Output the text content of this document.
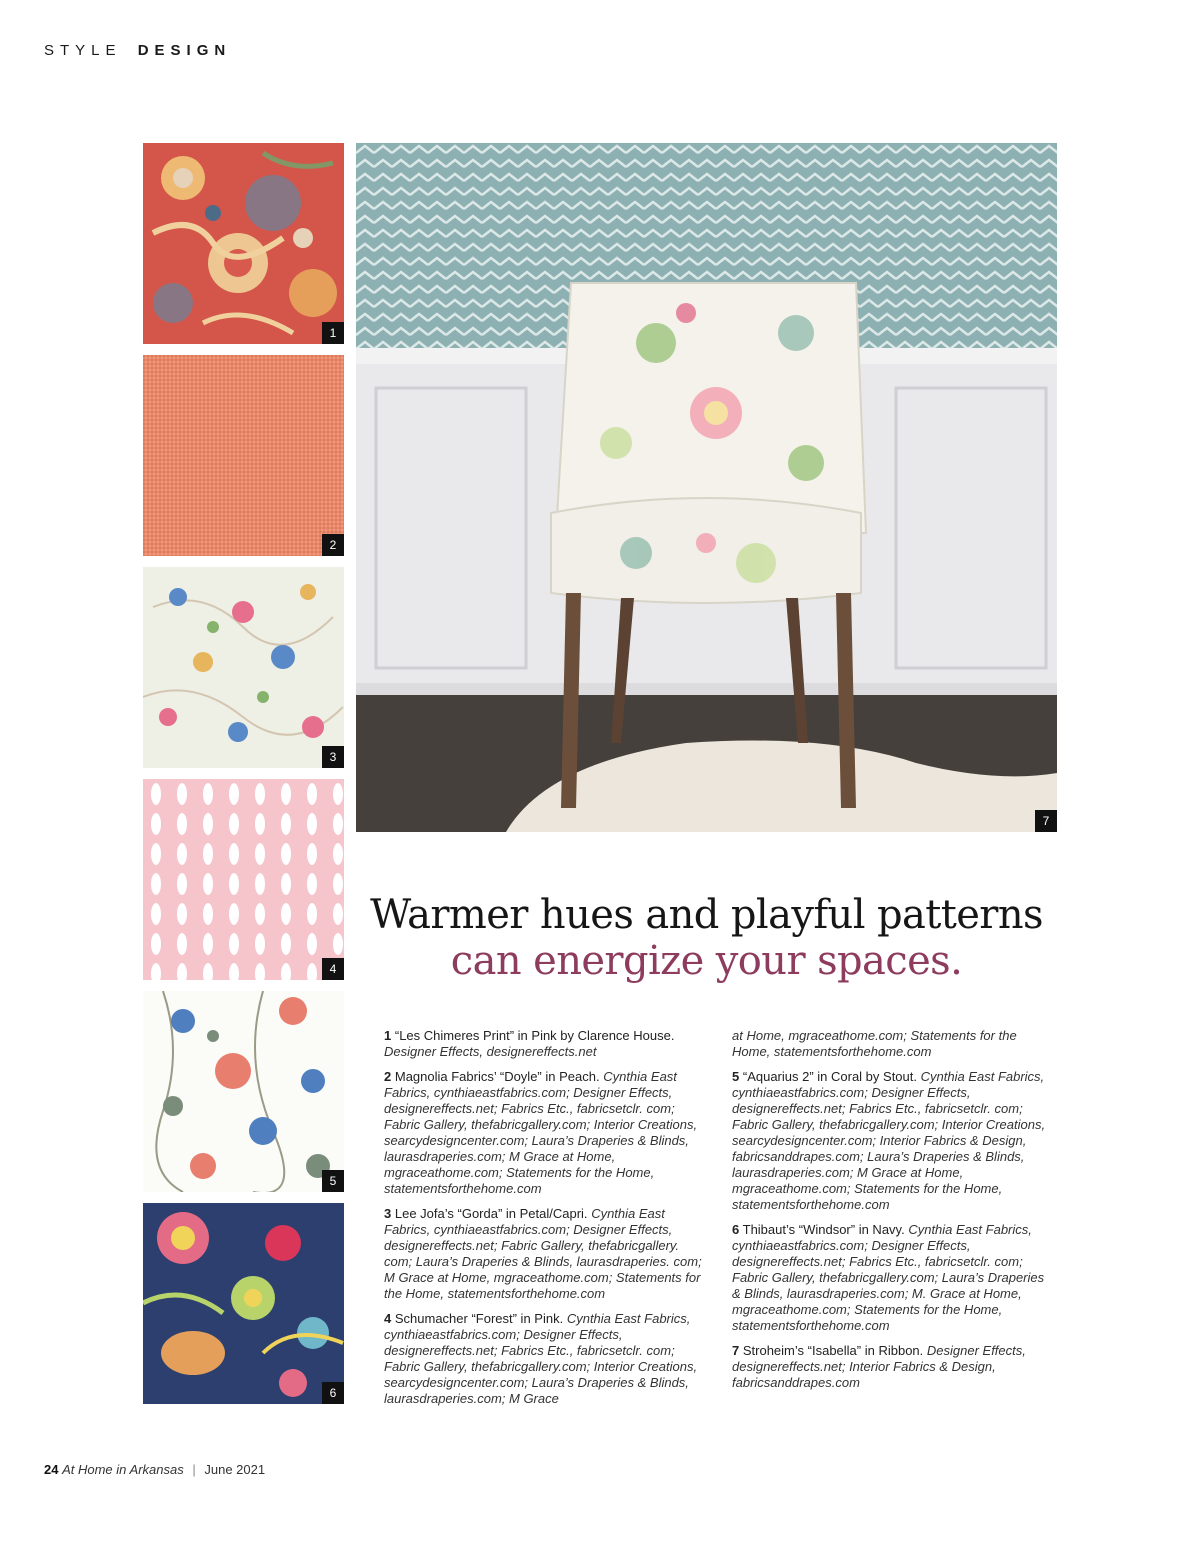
STYLE DESIGN
1
2
3
4
5
6
7
Warmer hues and playful patterns
can energize your spaces.

1 “Les Chimeres Print” in Pink by Clarence House. Designer Effects, designereffects.net

2 Magnolia Fabrics’ “Doyle” in Peach. Cynthia East Fabrics, cynthiaeastfabrics.com; Designer Effects, designereffects.net; Fabrics Etc., fabricsetclr. com; Fabric Gallery, thefabricgallery.com; Interior Creations, searcydesigncenter.com; Laura’s Draperies & Blinds, laurasdraperies.com; M Grace at Home, mgraceathome.com; Statements for the Home, statementsforthehome.com

3 Lee Jofa’s “Gorda” in Petal/Capri. Cynthia East Fabrics, cynthiaeastfabrics.com; Designer Effects, designereffects.net; Fabric Gallery, thefabricgallery. com; Laura’s Draperies & Blinds, laurasdraperies. com; M Grace at Home, mgraceathome.com; Statements for the Home, statementsforthehome.com

4 Schumacher “Forest” in Pink. Cynthia East Fabrics, cynthiaeastfabrics.com; Designer Effects, designereffects.net; Fabrics Etc., fabricsetclr. com; Fabric Gallery, thefabricgallery.com; Interior Creations, searcydesigncenter.com; Laura’s Draperies & Blinds, laurasdraperies.com; M Grace

at Home, mgraceathome.com; Statements for the Home, statementsforthehome.com

5 “Aquarius 2” in Coral by Stout. Cynthia East Fabrics, cynthiaeastfabrics.com; Designer Effects, designereffects.net; Fabrics Etc., fabricsetclr. com; Fabric Gallery, thefabricgallery.com; Interior Creations, searcydesigncenter.com; Interior Fabrics & Design, fabricsanddrapes.com; Laura’s Draperies & Blinds, laurasdraperies.com; M Grace at Home, mgraceathome.com; Statements for the Home, statementsforthehome.com

6 Thibaut’s “Windsor” in Navy. Cynthia East Fabrics, cynthiaeastfabrics.com; Designer Effects, designereffects.net; Fabrics Etc., fabricsetclr. com; Fabric Gallery, thefabricgallery.com; Laura’s Draperies & Blinds, laurasdraperies.com; M. Grace at Home, mgraceathome.com; Statements for the Home, statementsforthehome.com

7 Stroheim’s “Isabella” in Ribbon. Designer Effects, designereffects.net; Interior Fabrics & Design, fabricsanddrapes.com

24 At Home in Arkansas | June 2021
